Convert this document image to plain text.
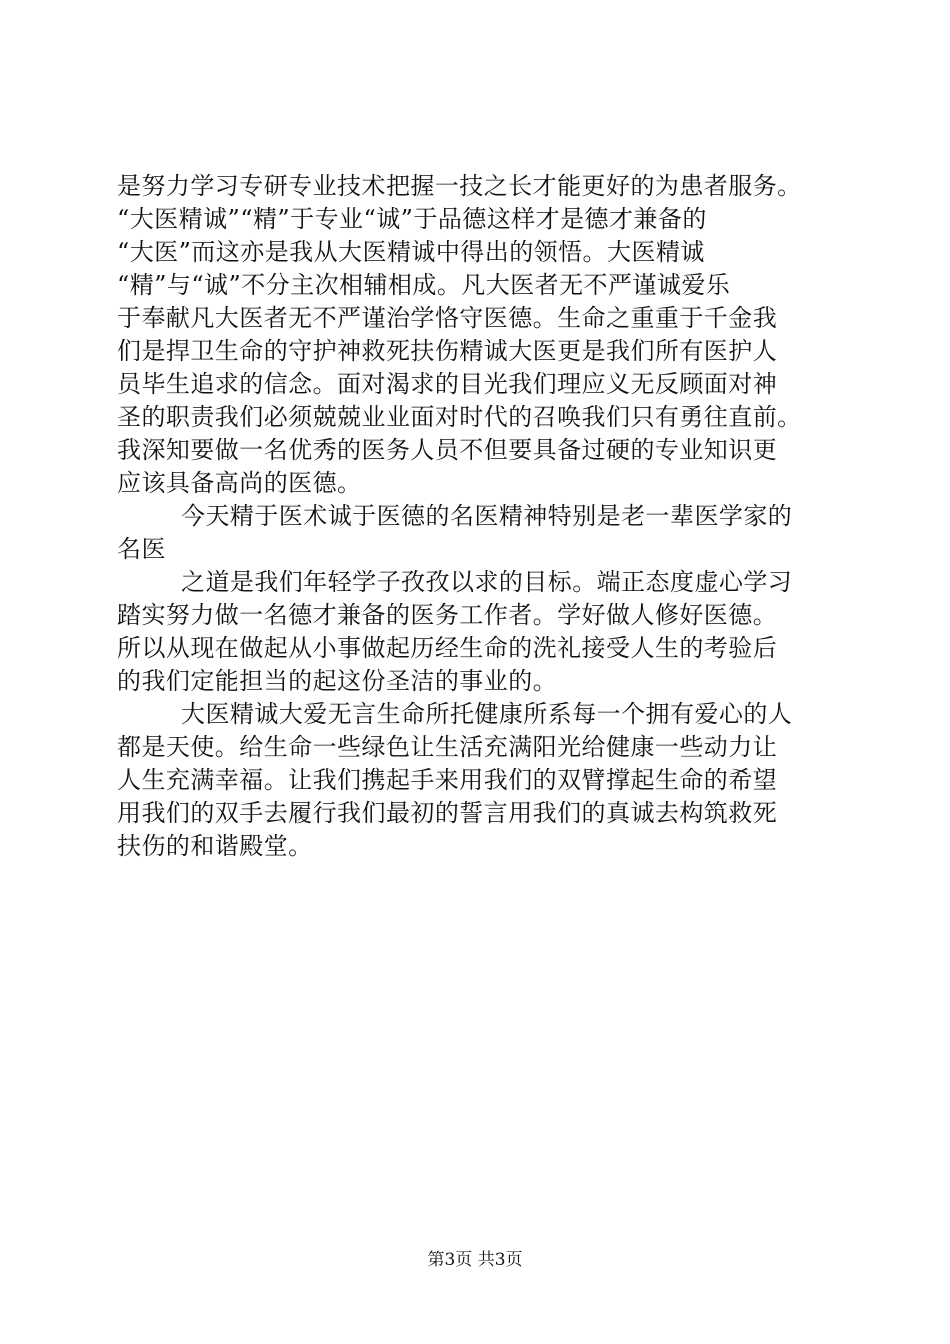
是努力学习专研专业技术把握一技之长才能更好的为患者服务。
“大医精诚”“精”于专业“诚”于品德这样才是德才兼备的
“大医”而这亦是我从大医精诚中得出的领悟。大医精诚
“精”与“诚”不分主次相辅相成。凡大医者无不严谨诚爱乐
于奉献凡大医者无不严谨治学恪守医德。生命之重重于千金我
们是捍卫生命的守护神救死扶伤精诚大医更是我们所有医护人
员毕生追求的信念。面对渴求的目光我们理应义无反顾面对神
圣的职责我们必须兢兢业业面对时代的召唤我们只有勇往直前。
我深知要做一名优秀的医务人员不但要具备过硬的专业知识更
应该具备高尚的医德。

今天精于医术诚于医德的名医精神特别是老一辈医学家的
名医

之道是我们年轻学子孜孜以求的目标。端正态度虚心学习
踏实努力做一名德才兼备的医务工作者。学好做人修好医德。
所以从现在做起从小事做起历经生命的洗礼接受人生的考验后
的我们定能担当的起这份圣洁的事业的。

大医精诚大爱无言生命所托健康所系每一个拥有爱心的人
都是天使。给生命一些绿色让生活充满阳光给健康一些动力让
人生充满幸福。让我们携起手来用我们的双臂撑起生命的希望
用我们的双手去履行我们最初的誓言用我们的真诚去构筑救死
扶伤的和谐殿堂。

第3页 共3页
